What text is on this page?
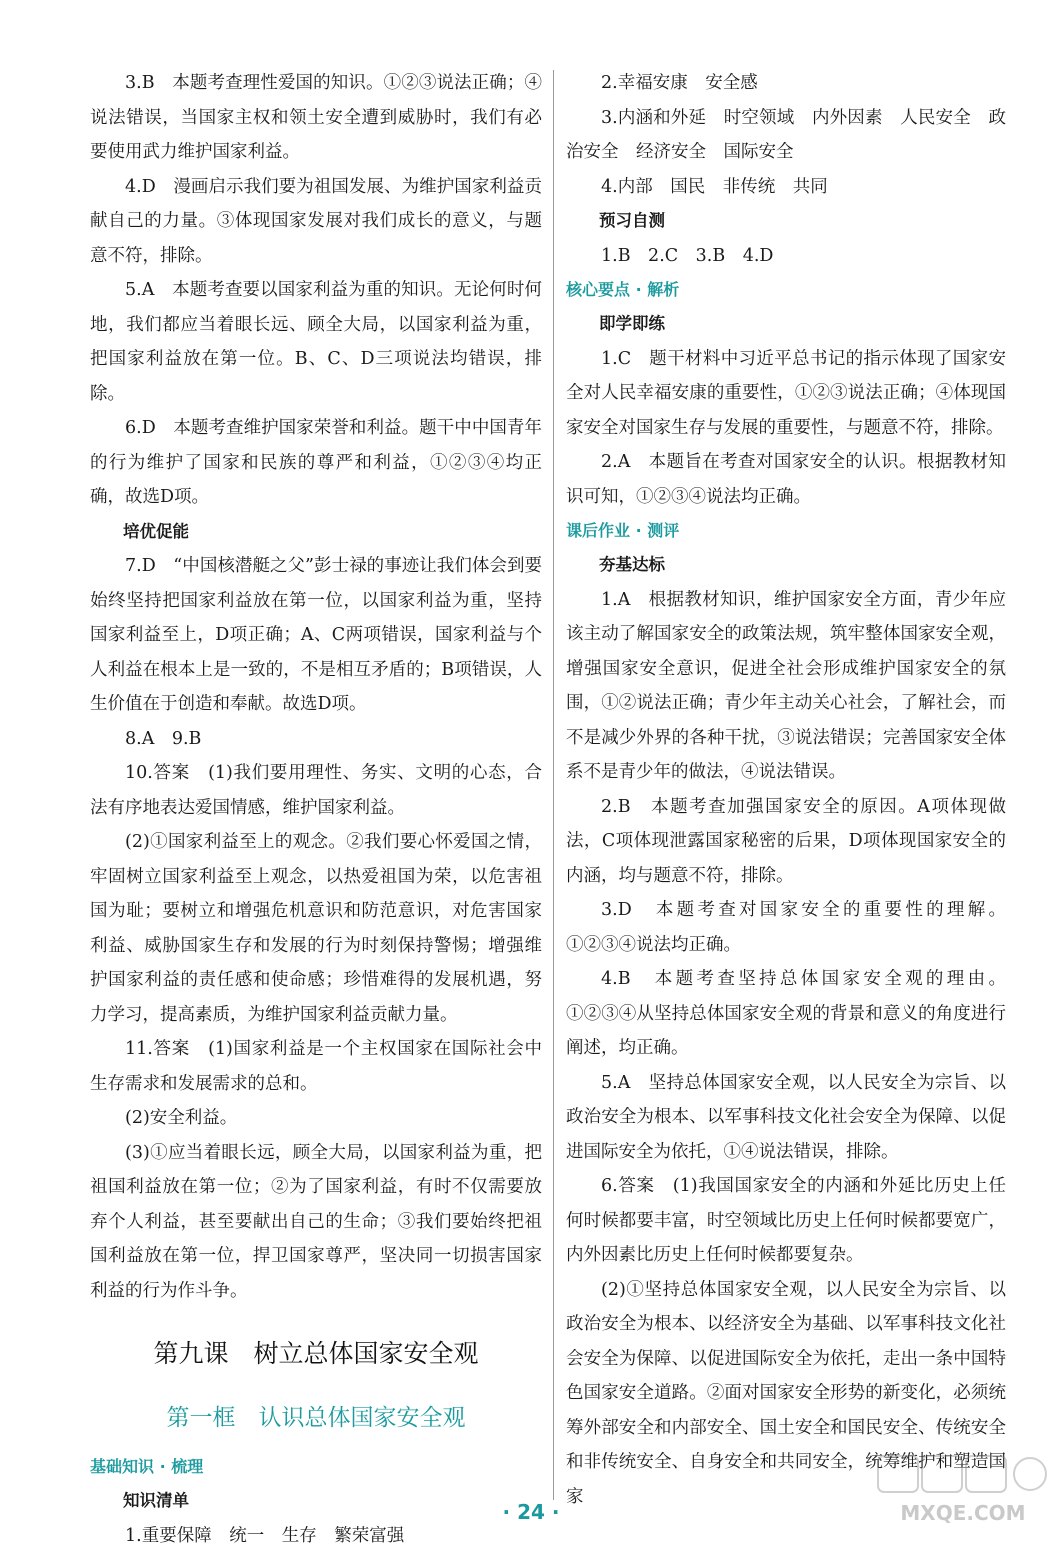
3.B　本题考查理性爱国的知识。①②③说法正确；④说法错误，当国家主权和领土安全遭到威胁时，我们有必要使用武力维护国家利益。

4.D　漫画启示我们要为祖国发展、为维护国家利益贡献自己的力量。③体现国家发展对我们成长的意义，与题意不符，排除。

5.A　本题考查要以国家利益为重的知识。无论何时何地，我们都应当着眼长远、顾全大局，以国家利益为重，把国家利益放在第一位。B、C、D三项说法均错误，排除。

6.D　本题考查维护国家荣誉和利益。题干中中国青年的行为维护了国家和民族的尊严和利益，①②③④均正确，故选D项。

培优促能

7.D　“中国核潜艇之父”彭士禄的事迹让我们体会到要始终坚持把国家利益放在第一位，以国家利益为重，坚持国家利益至上，D项正确；A、C两项错误，国家利益与个人利益在根本上是一致的，不是相互矛盾的；B项错误，人生价值在于创造和奉献。故选D项。

8.A　9.B

10.答案　(1)我们要用理性、务实、文明的心态，合法有序地表达爱国情感，维护国家利益。

(2)①国家利益至上的观念。②我们要心怀爱国之情，牢固树立国家利益至上观念，以热爱祖国为荣，以危害祖国为耻；要树立和增强危机意识和防范意识，对危害国家利益、威胁国家生存和发展的行为时刻保持警惕；增强维护国家利益的责任感和使命感；珍惜难得的发展机遇，努力学习，提高素质，为维护国家利益贡献力量。

11.答案　(1)国家利益是一个主权国家在国际社会中生存需求和发展需求的总和。

(2)安全利益。

(3)①应当着眼长远，顾全大局，以国家利益为重，把祖国利益放在第一位；②为了国家利益，有时不仅需要放弃个人利益，甚至要献出自己的生命；③我们要始终把祖国利益放在第一位，捍卫国家尊严，坚决同一切损害国家利益的行为作斗争。

第九课　树立总体国家安全观
第一框　认识总体国家安全观
基础知识 · 梳理
知识清单

1.重要保障　统一　生存　繁荣富强

2.幸福安康　安全感

3.内涵和外延　时空领域　内外因素　人民安全　政治安全　经济安全　国际安全

4.内部　国民　非传统　共同

预习自测

1.B　2.C　3.B　4.D

核心要点 · 解析
即学即练

1.C　题干材料中习近平总书记的指示体现了国家安全对人民幸福安康的重要性，①②③说法正确；④体现国家安全对国家生存与发展的重要性，与题意不符，排除。

2.A　本题旨在考查对国家安全的认识。根据教材知识可知，①②③④说法均正确。

课后作业 · 测评
夯基达标

1.A　根据教材知识，维护国家安全方面，青少年应该主动了解国家安全的政策法规，筑牢整体国家安全观，增强国家安全意识，促进全社会形成维护国家安全的氛围，①②说法正确；青少年主动关心社会，了解社会，而不是减少外界的各种干扰，③说法错误；完善国家安全体系不是青少年的做法，④说法错误。

2.B　本题考查加强国家安全的原因。A项体现做法，C项体现泄露国家秘密的后果，D项体现国家安全的内涵，均与题意不符，排除。

3.D　本题考查对国家安全的重要性的理解。①②③④说法均正确。

4.B　本题考查坚持总体国家安全观的理由。①②③④从坚持总体国家安全观的背景和意义的角度进行阐述，均正确。

5.A　坚持总体国家安全观，以人民安全为宗旨、以政治安全为根本、以军事科技文化社会安全为保障、以促进国际安全为依托，①④说法错误，排除。

6.答案　(1)我国国家安全的内涵和外延比历史上任何时候都要丰富，时空领域比历史上任何时候都要宽广，内外因素比历史上任何时候都要复杂。

(2)①坚持总体国家安全观，以人民安全为宗旨、以政治安全为根本、以经济安全为基础、以军事科技文化社会安全为保障、以促进国际安全为依托，走出一条中国特色国家安全道路。②面对国家安全形势的新变化，必须统筹外部安全和内部安全、国土安全和国民安全、传统安全和非传统安全、自身安全和共同安全，统筹维护和塑造国家

· 24 ·	MXQE.COM
